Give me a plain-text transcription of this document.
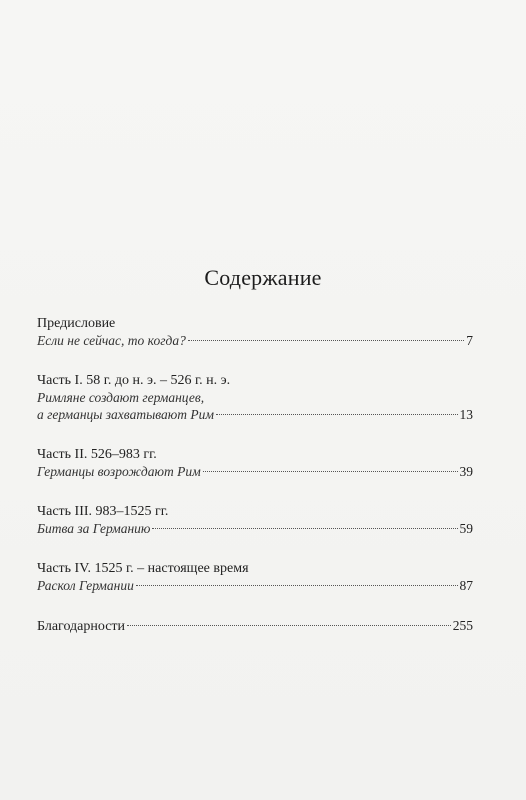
Содержание
Предисловие
Если не сейчас, то когда?	7
Часть I. 58 г. до н. э. – 526 г. н. э.
Римляне создают германцев,
а германцы захватывают Рим	13
Часть II. 526–983 гг.
Германцы возрождают Рим	39
Часть III. 983–1525 гг.
Битва за Германию	59
Часть IV. 1525 г. – настоящее время
Раскол Германии	87
Благодарности	255
